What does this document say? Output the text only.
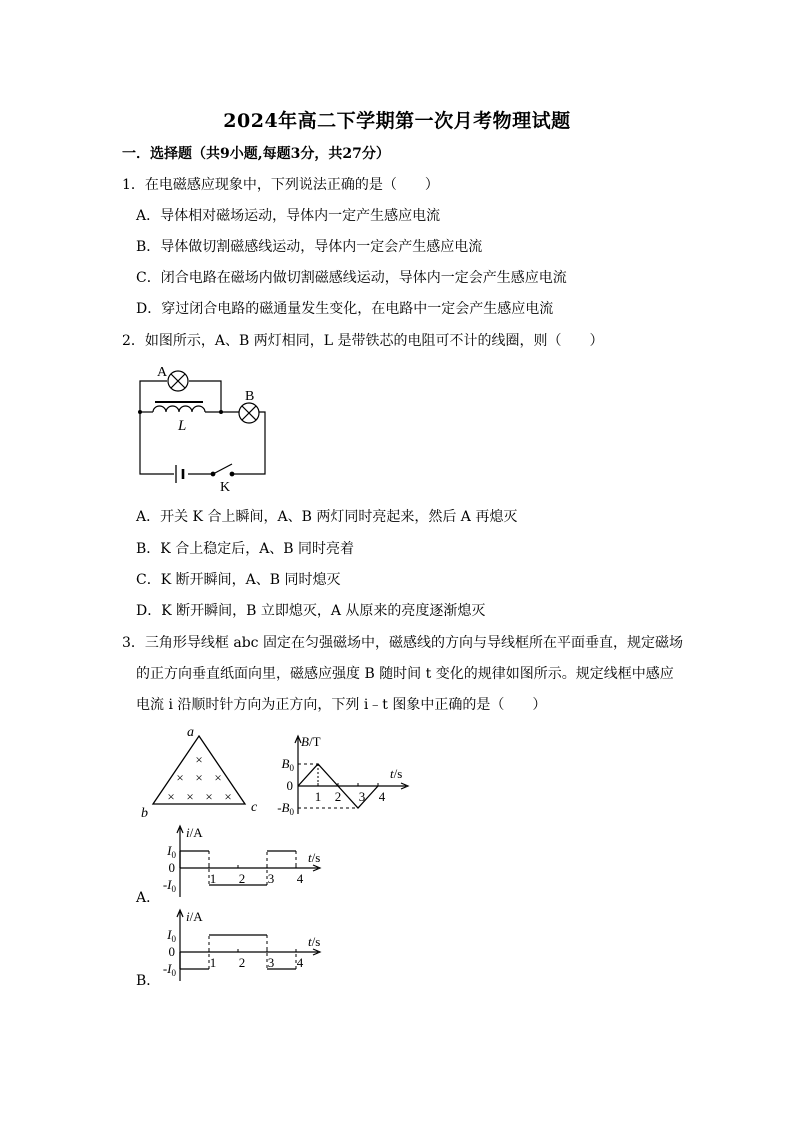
2024年高二下学期第一次月考物理试题
一．选择题（共9小题,每题3分，共27分）
1．在电磁感应现象中，下列说法正确的是（　　）
A．导体相对磁场运动，导体内一定产生感应电流
B．导体做切割磁感线运动，导体内一定会产生感应电流
C．闭合电路在磁场内做切割磁感线运动，导体内一定会产生感应电流
D．穿过闭合电路的磁通量发生变化，在电路中一定会产生感应电流
2．如图所示，A、B 两灯相同，L 是带铁芯的电阻可不计的线圈，则（　　）
A
B
L
K
A．开关 K 合上瞬间，A、B 两灯同时亮起来，然后 A 再熄灭
B．K 合上稳定后，A、B 同时亮着
C．K 断开瞬间，A、B 同时熄灭
D．K 断开瞬间，B 立即熄灭，A 从原来的亮度逐渐熄灭
3．三角形导线框 abc 固定在匀强磁场中，磁感线的方向与导线框所在平面垂直，规定磁场
的正方向垂直纸面向里，磁感应强度 B 随时间 t 变化的规律如图所示。规定线框中感应
电流 i 沿顺时针方向为正方向，下列 i﹣t 图象中正确的是（　　）
a
b	c
×
× × ×
× × × ×
B/T
t/s
$B_0$
$-B_0$
0
1 2 3 4
A．
i/A
t/s
$I_0$
$-I_0$
0
1 2 3 4
B．
i/A
t/s
$I_0$
$-I_0$
0
1 2 3 4
